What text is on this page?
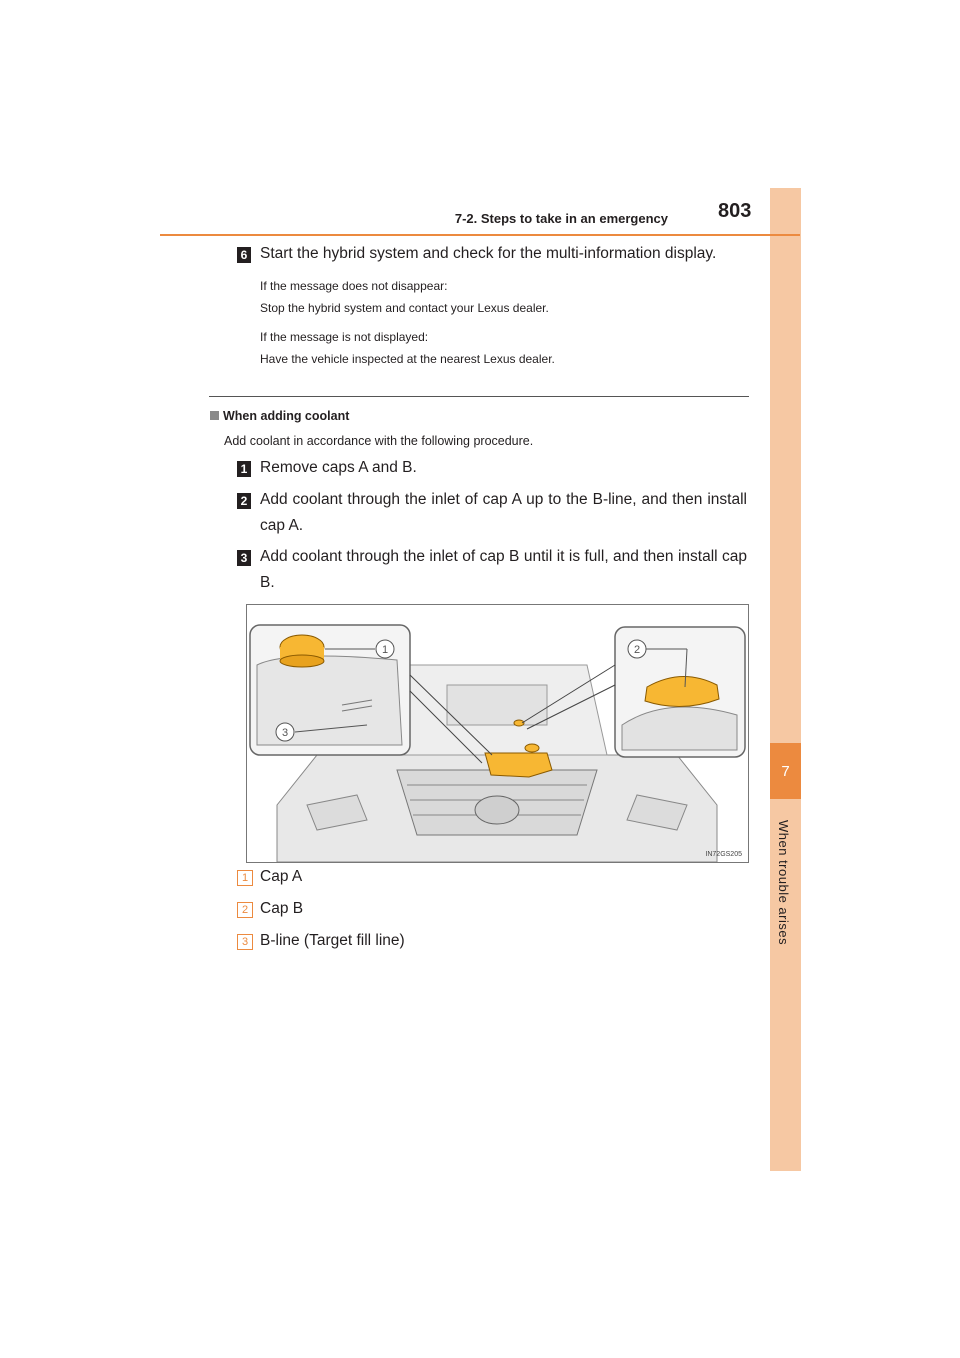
7
When trouble arises
7-2. Steps to take in an emergency	803
6 Start the hybrid system and check for the multi-information display.
If the message does not disappear:
Stop the hybrid system and contact your Lexus dealer.
If the message is not displayed:
Have the vehicle inspected at the nearest Lexus dealer.
When adding coolant
Add coolant in accordance with the following procedure.
1 Remove caps A and B.
2 Add coolant through the inlet of cap A up to the B-line, and then install cap A.
3 Add coolant through the inlet of cap B until it is full, and then install cap B.
1
3
2
IN72GS205
1 Cap A
2 Cap B
3 B-line (Target fill line)
